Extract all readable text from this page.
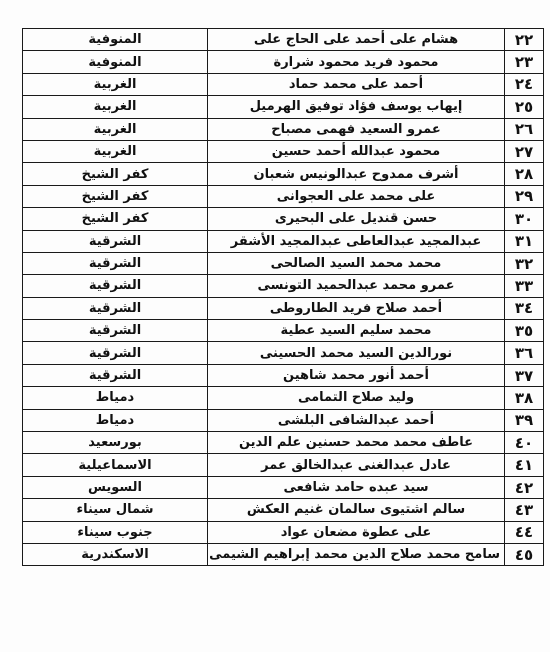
٢٢	هشام على أحمد على الحاج على	المنوفية
٢٣	محمود فريد محمود شرارة	المنوفية
٢٤	أحمد على محمد حماد	الغربية
٢٥	إيهاب يوسف فؤاد توفيق الهرميل	الغربية
٢٦	عمرو السعيد فهمى مصباح	الغربية
٢٧	محمود عبدالله أحمد حسين	الغربية
٢٨	أشرف ممدوح عبدالونيس شعبان	كفر الشيخ
٢٩	على محمد على العجوانى	كفر الشيخ
٣٠	حسن قنديل على البحيرى	كفر الشيخ
٣١	عبدالمجيد عبدالعاطى عبدالمجيد الأشقر	الشرقية
٣٢	محمد محمد السيد الصالحى	الشرقية
٣٣	عمرو محمد عبدالحميد التونسى	الشرقية
٣٤	أحمد صلاح فريد الطاروطى	الشرقية
٣٥	محمد سليم السيد عطية	الشرقية
٣٦	نورالدين السيد محمد الحسينى	الشرقية
٣٧	أحمد أنور محمد شاهين	الشرقية
٣٨	وليد صلاح التمامى	دمياط
٣٩	أحمد عبدالشافى البلشى	دمياط
٤٠	عاطف محمد محمد حسنين علم الدين	بورسعيد
٤١	عادل عبدالغنى عبدالخالق عمر	الاسماعيلية
٤٢	سيد عبده حامد شافعى	السويس
٤٣	سالم اشتيوى سالمان غنيم العكش	شمال سيناء
٤٤	على عطوة مضعان عواد	جنوب سيناء
٤٥	سامح محمد صلاح الدين محمد إبراهيم الشيمى	الاسكندرية
